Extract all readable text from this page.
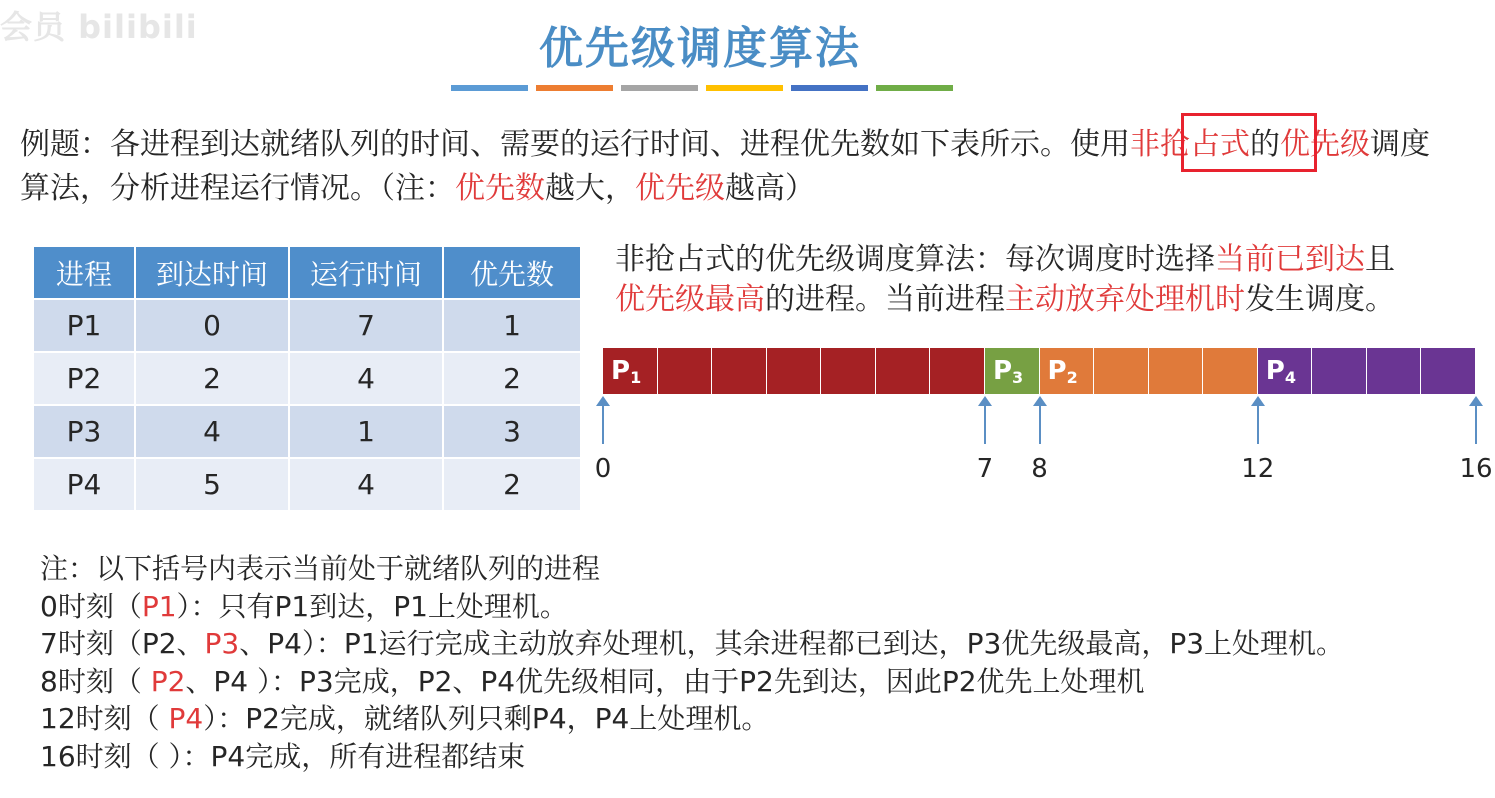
会员 bilibili	优先级调度算法
例题：各进程到达就绪队列的时间、需要的运行时间、进程优先数如下表所示。使用非抢占式的优先级调度算法，分析进程运行情况。（注：优先数越大，优先级越高）
进程	到达时间	运行时间	优先数
P1	0	7	1
P2	2	4	2
P3	4	1	3
P4	5	4	2
非抢占式的优先级调度算法：每次调度时选择当前已到达且
优先级最高的进程。当前进程主动放弃处理机时发生调度。
$P_1$	$P_3$ $P_2$	$P_4$
0	7	8	12	16
注：以下括号内表示当前处于就绪队列的进程
0时刻（P1）：只有P1到达，P1上处理机。
7时刻（P2、P3、P4）：P1运行完成主动放弃处理机，其余进程都已到达，P3优先级最高，P3上处理机。
8时刻（ P2、P4 ）：P3完成，P2、P4优先级相同，由于P2先到达，因此P2优先上处理机
12时刻（ P4）：P2完成，就绪队列只剩P4，P4上处理机。
16时刻（ ）：P4完成，所有进程都结束
